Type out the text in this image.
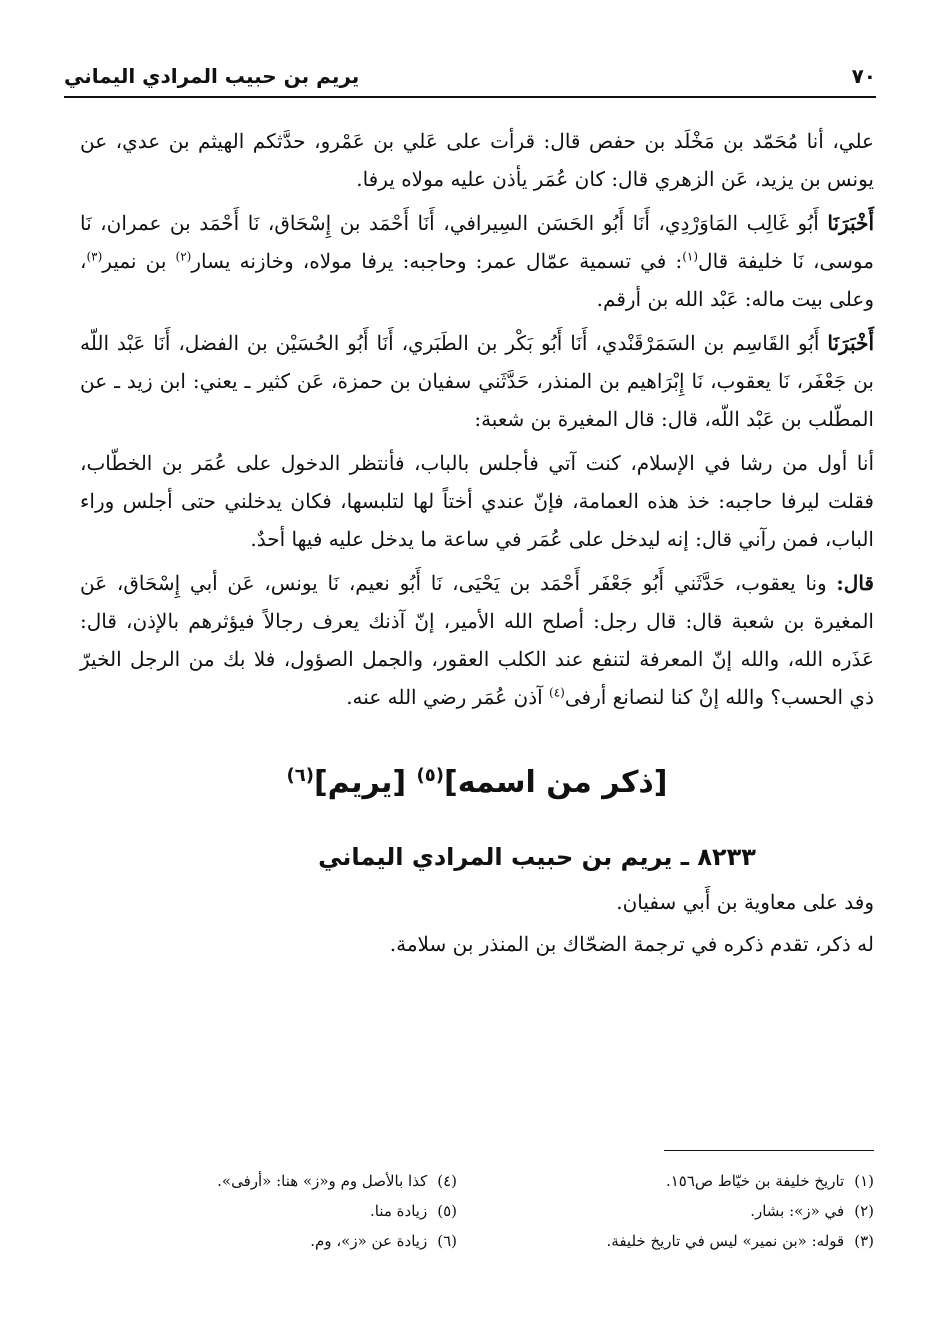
٧٠
يريم بن حبيب المرادي اليماني

علي، أنا مُحَمّد بن مَخْلَد بن حفص قال: قرأت على عَلي بن عَمْرو، حدَّثكم الهيثم بن عدي، عن يونس بن يزيد، عَن الزهري قال: كان عُمَر يأذن عليه مولاه يرفا.

أَخْبَرَنَا أَبُو غَالِب المَاوَرْدِي، أَنَا أَبُو الحَسَن السِيرافي، أَنَا أَحْمَد بن إِسْحَاق، نَا أَحْمَد بن عمران، نَا موسى، نَا خليفة قال$^{(١)}$: في تسمية عمّال عمر: وحاجبه: يرفا مولاه، وخازنه يسار$^{(٢)}$ بن نمير$^{(٣)}$، وعلى بيت ماله: عَبْد الله بن أرقم.

أَخْبَرَنَا أَبُو القَاسِم بن السَمَرْقَنْدي، أَنَا أَبُو بَكْر بن الطَبَري، أَنَا أَبُو الحُسَيْن بن الفضل، أَنَا عَبْد اللّه بن جَعْفَر، نَا يعقوب، نَا إِبْرَاهيم بن المنذر، حَدَّثَني سفيان بن حمزة، عَن كثير ـ يعني: ابن زيد ـ عن المطّلب بن عَبْد اللّه، قال: قال المغيرة بن شعبة:

أنا أول من رشا في الإسلام، كنت آتي فأجلس بالباب، فأنتظر الدخول على عُمَر بن الخطّاب، فقلت ليرفا حاجبه: خذ هذه العمامة، فإنّ عندي أختاً لها لتلبسها، فكان يدخلني حتى أجلس وراء الباب، فمن رآني قال: إنه ليدخل على عُمَر في ساعة ما يدخل عليه فيها أحدٌ.

قال: ونا يعقوب، حَدَّثَني أَبُو جَعْفَر أَحْمَد بن يَحْيَى، نَا أَبُو نعيم، نَا يونس، عَن أبي إِسْحَاق، عَن المغيرة بن شعبة قال: قال رجل: أصلح الله الأمير، إنّ آذنك يعرف رجالاً فيؤثرهم بالإذن، قال: عَذَره الله، والله إنّ المعرفة لتنفع عند الكلب العقور، والجمل الصؤول، فلا بك من الرجل الخيرّ ذي الحسب؟ والله إنْ كنا لنصانع أرفى$^{(٤)}$ آذن عُمَر رضي الله عنه.

[ذكر من اسمه]$^{(٥)}$ [يريم]$^{(٦)}$
٨٢٣٣ ـ يريم بن حبيب المرادي اليماني

وفد على معاوية بن أَبي سفيان.

له ذكر، تقدم ذكره في ترجمة الضحّاك بن المنذر بن سلامة.

(١)
تاريخ خليفة بن خيّاط ص١٥٦.
(٢)
في «ز»: بشار.
(٣)
قوله: «بن نمير» ليس في تاريخ خليفة.
(٤)
كذا بالأصل وم و«ز» هنا: «أرفى».
(٥)
زيادة منا.
(٦)
زيادة عن «ز»، وم.
